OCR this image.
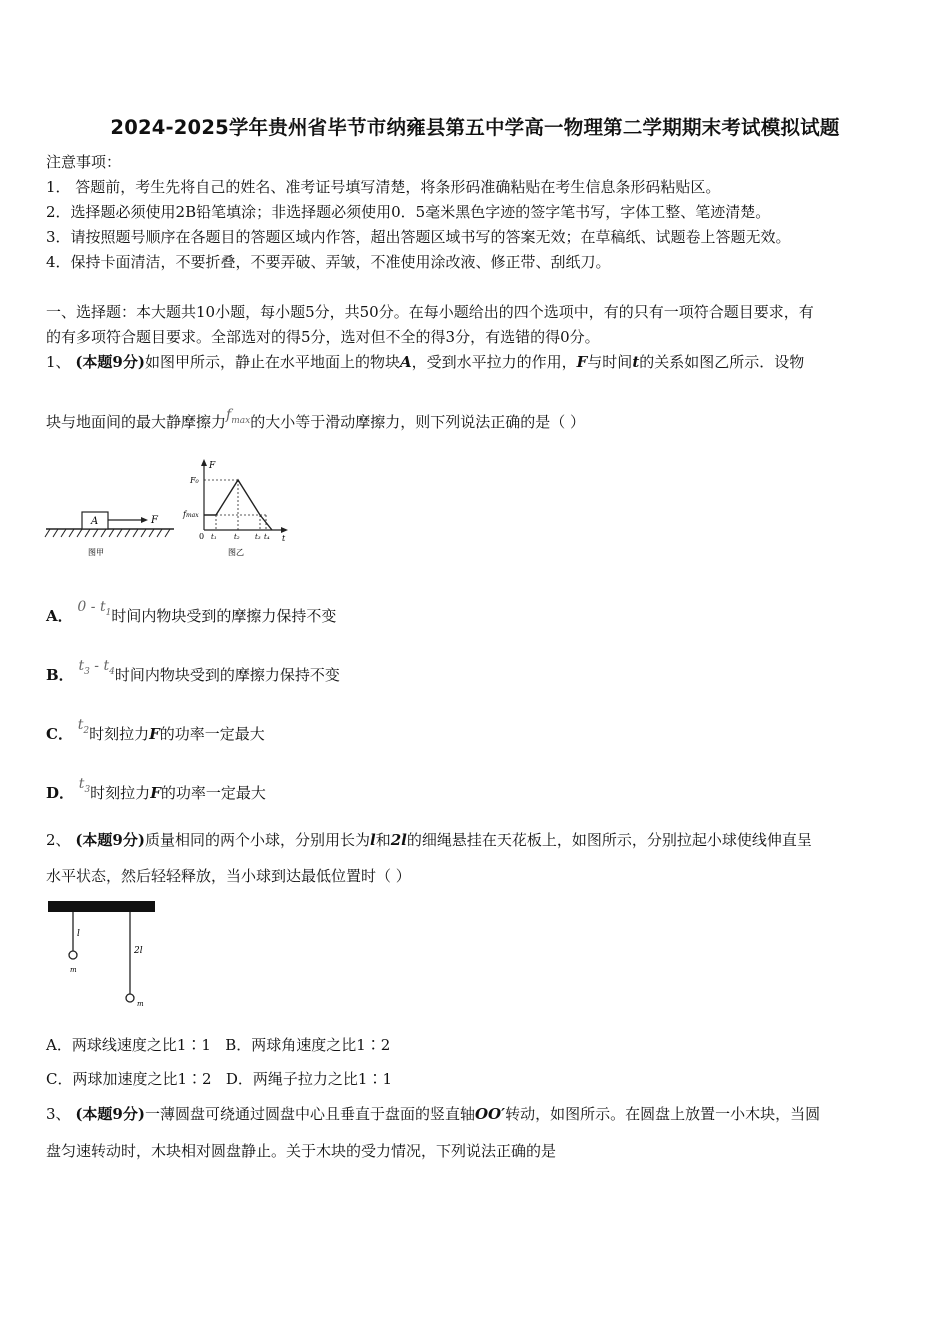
2024-2025学年贵州省毕节市纳雍县第五中学高一物理第二学期期末考试模拟试题
注意事项：
1． 答题前，考生先将自己的姓名、准考证号填写清楚，将条形码准确粘贴在考生信息条形码粘贴区。
2．选择题必须使用2B铅笔填涂；非选择题必须使用0．5毫米黑色字迹的签字笔书写，字体工整、笔迹清楚。
3．请按照题号顺序在各题目的答题区域内作答，超出答题区域书写的答案无效；在草稿纸、试题卷上答题无效。
4．保持卡面清洁，不要折叠，不要弄破、弄皱，不准使用涂改液、修正带、刮纸刀。
一、选择题：本大题共10小题，每小题5分，共50分。在每小题给出的四个选项中，有的只有一项符合题目要求，有
的有多项符合题目要求。全部选对的得5分，选对但不全的得3分，有选错的得0分。
1、 (本题9分)如图甲所示，静止在水平地面上的物块A，受到水平拉力的作用，F与时间t的关系如图乙所示．设物
块与地面间的最大静摩擦力$f_{max}$的大小等于滑动摩擦力，则下列说法正确的是（ ）
A	F
图甲
F
F₀
fmax
0 t₁ t₂ t₃ t₄ t
图乙
A． $0 - t_1$时间内物块受到的摩擦力保持不变
B． $t_3 - t_4$时间内物块受到的摩擦力保持不变
C． $t_2$时刻拉力F的功率一定最大
D． $t_3$时刻拉力F的功率一定最大
2、 (本题9分)质量相同的两个小球，分别用长为l和2l的细绳悬挂在天花板上，如图所示，分别拉起小球使线伸直呈
水平状态，然后轻轻释放，当小球到达最低位置时（ ）
l
m
2l
m
A．两球线速度之比1∶1 B．两球角速度之比1∶2
C．两球加速度之比1∶2 D．两绳子拉力之比1∶1
3、 (本题9分)一薄圆盘可绕通过圆盘中心且垂直于盘面的竖直轴OO′转动，如图所示。在圆盘上放置一小木块，当圆
盘匀速转动时，木块相对圆盘静止。关于木块的受力情况，下列说法正确的是
